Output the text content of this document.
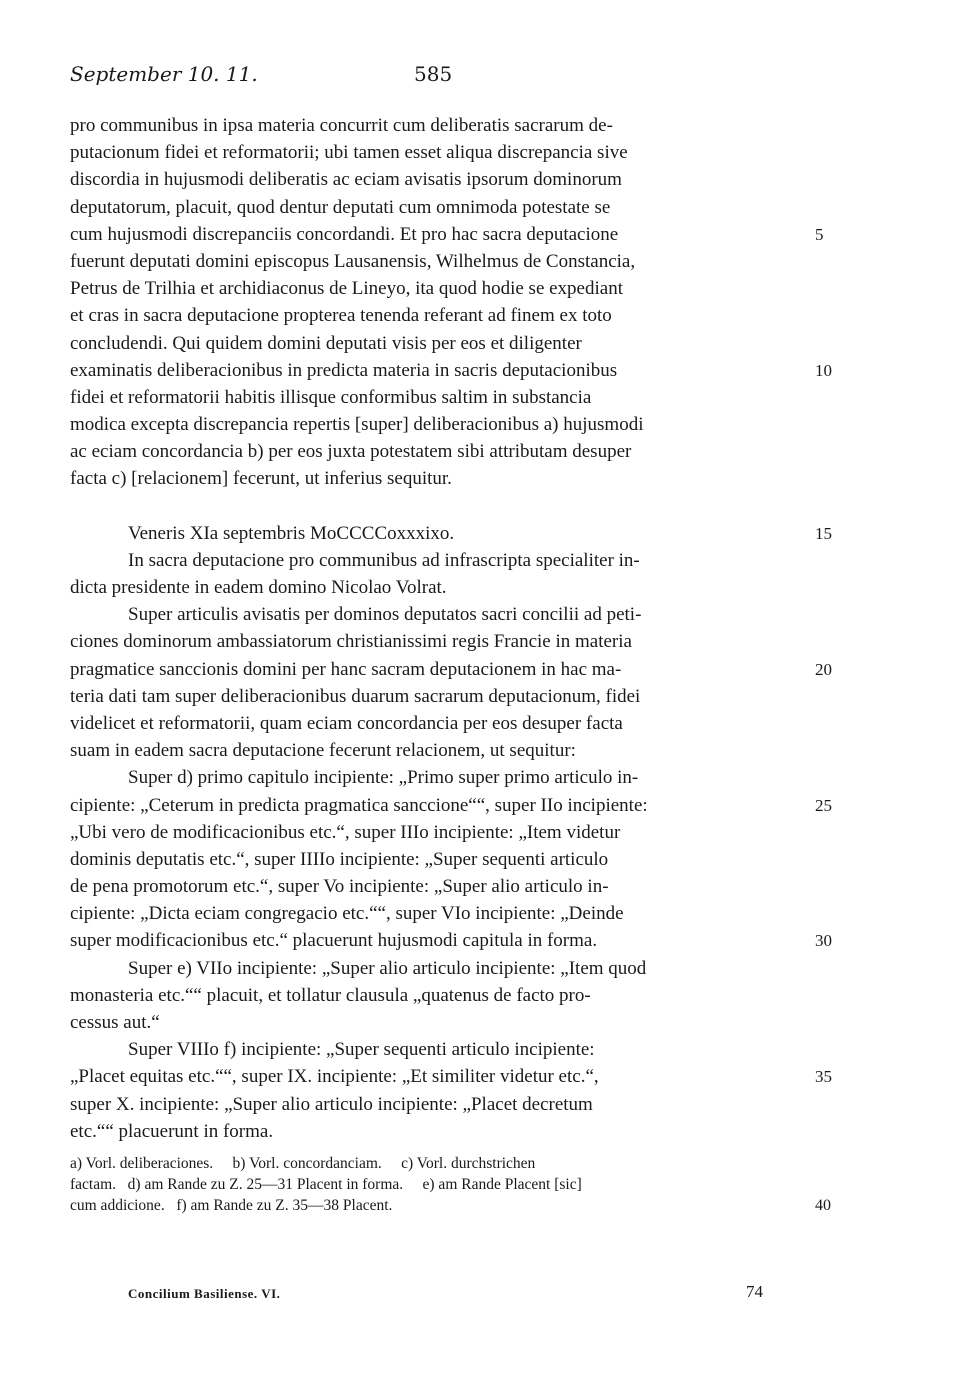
September 10. 11.	585
pro communibus in ipsa materia concurrit cum deliberatis sacrarum de-
putacionum fidei et reformatorii; ubi tamen esset aliqua discrepancia sive
discordia in hujusmodi deliberatis ac eciam avisatis ipsorum dominorum
deputatorum, placuit, quod dentur deputati cum omnimoda potestate se
cum hujusmodi discrepanciis concordandi. Et pro hac sacra deputacione	5
fuerunt deputati domini episcopus Lausanensis, Wilhelmus de Constancia,
Petrus de Trilhia et archidiaconus de Lineyo, ita quod hodie se expediant
et cras in sacra deputacione propterea tenenda referant ad finem ex toto
concludendi. Qui quidem domini deputati visis per eos et diligenter
examinatis deliberacionibus in predicta materia in sacris deputacionibus	10
fidei et reformatorii habitis illisque conformibus saltim in substancia
modica excepta discrepancia repertis [super] deliberacionibus a) hujusmodi
ac eciam concordancia b) per eos juxta potestatem sibi attributam desuper
facta c) [relacionem] fecerunt, ut inferius sequitur.
Veneris XIa septembris MoCCCCoxxxixo.	15
In sacra deputacione pro communibus ad infrascripta specialiter in-
dicta presidente in eadem domino Nicolao Volrat.
Super articulis avisatis per dominos deputatos sacri concilii ad peti-
ciones dominorum ambassiatorum christianissimi regis Francie in materia
pragmatice sanccionis domini per hanc sacram deputacionem in hac ma-	20
teria dati tam super deliberacionibus duarum sacrarum deputacionum, fidei
videlicet et reformatorii, quam eciam concordancia per eos desuper facta
suam in eadem sacra deputacione fecerunt relacionem, ut sequitur:
Super d) primo capitulo incipiente: „Primo super primo articulo in-
cipiente: „Ceterum in predicta pragmatica sanccione““, super IIo incipiente:	25
„Ubi vero de modificacionibus etc.“, super IIIo incipiente: „Item videtur
dominis deputatis etc.“, super IIIIo incipiente: „Super sequenti articulo
de pena promotorum etc.“, super Vo incipiente: „Super alio articulo in-
cipiente: „Dicta eciam congregacio etc.““, super VIo incipiente: „Deinde
super modificacionibus etc.“ placuerunt hujusmodi capitula in forma.	30
Super e) VIIo incipiente: „Super alio articulo incipiente: „Item quod
monasteria etc.““ placuit, et tollatur clausula „quatenus de facto pro-
cessus aut.“
Super VIIIo f) incipiente: „Super sequenti articulo incipiente:
„Placet equitas etc.““, super IX. incipiente: „Et similiter videtur etc.“,	35
super X. incipiente: „Super alio articulo incipiente: „Placet decretum
etc.““ placuerunt in forma.
a) Vorl. deliberaciones.     b) Vorl. concordanciam.     c) Vorl. durchstrichen
factam.   d) am Rande zu Z. 25—31 Placent in forma.     e) am Rande Placent [sic]
cum addicione.   f) am Rande zu Z. 35—38 Placent.	40
Concilium Basiliense. VI.	74
